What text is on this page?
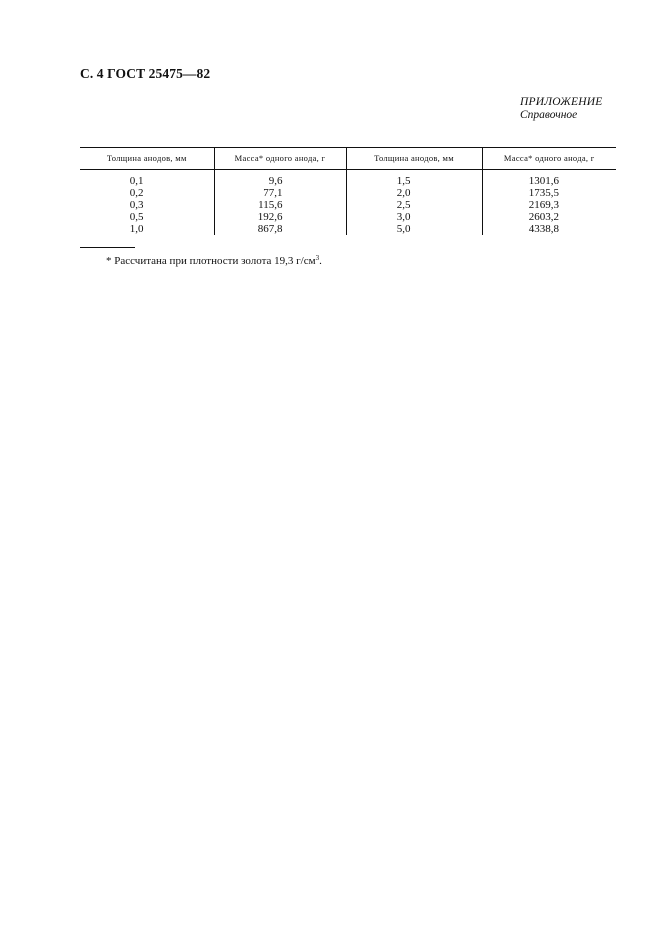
С. 4 ГОСТ 25475—82
ПРИЛОЖЕНИЕ
Справочное
Толщина анодов, мм	Масса* одного анода, г	Толщина анодов, мм	Масса* одного анода, г
0,1	9,6	1,5	1301,6
0,2	77,1	2,0	1735,5
0,3	115,6	2,5	2169,3
0,5	192,6	3,0	2603,2
1,0	867,8	5,0	4338,8
* Рассчитана при плотности золота 19,3 $г/см^3$.
